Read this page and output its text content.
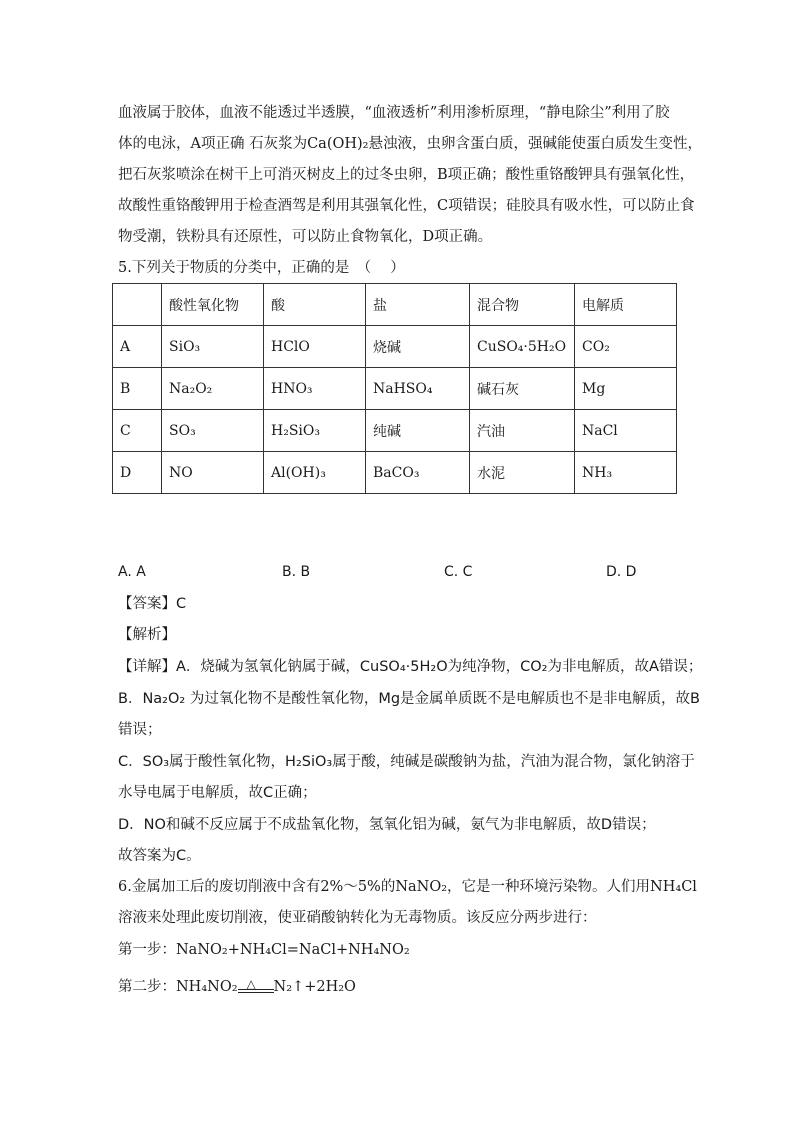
血液属于胶体，血液不能透过半透膜，“血液透析”利用渗析原理，“静电除尘”利用了胶
体的电泳，A项正确 石灰浆为Ca(OH)₂悬浊液，虫卵含蛋白质，强碱能使蛋白质发生变性，
把石灰浆喷涂在树干上可消灭树皮上的过冬虫卵，B项正确；酸性重铬酸钾具有强氧化性，
故酸性重铬酸钾用于检查酒驾是利用其强氧化性，C项错误；硅胶具有吸水性，可以防止食
物受潮，铁粉具有还原性，可以防止食物氧化，D项正确。
5.下列关于物质的分类中，正确的是　（　 ）
	酸性氧化物	酸	盐	混合物	电解质
A	SiO₃	HClO	烧碱	CuSO₄·5H₂O	CO₂
B	Na₂O₂	HNO₃	NaHSO₄	碱石灰	Mg
C	SO₃	H₂SiO₃	纯碱	汽油	NaCl
D	NO	Al(OH)₃	BaCO₃	水泥	NH₃
A. A	B. B	C. C	D. D
【答案】C
【解析】
【详解】A．烧碱为氢氧化钠属于碱，CuSO₄·5H₂O为纯净物，CO₂为非电解质，故A错误；
B．Na₂O₂ 为过氧化物不是酸性氧化物，Mg是金属单质既不是电解质也不是非电解质，故B
错误；
C．SO₃属于酸性氧化物，H₂SiO₃属于酸，纯碱是碳酸钠为盐，汽油为混合物，氯化钠溶于
水导电属于电解质，故C正确；
D．NO和碱不反应属于不成盐氧化物，氢氧化铝为碱，氨气为非电解质，故D错误；
故答案为C。
6.金属加工后的废切削液中含有2%～5%的NaNO₂，它是一种环境污染物。人们用NH₄Cl
溶液来处理此废切削液，使亚硝酸钠转化为无毒物质。该反应分两步进行：
第一步：NaNO₂+NH₄Cl=NaCl+NH₄NO₂
第二步：NH₄NO₂ △ N₂↑+2H₂O
